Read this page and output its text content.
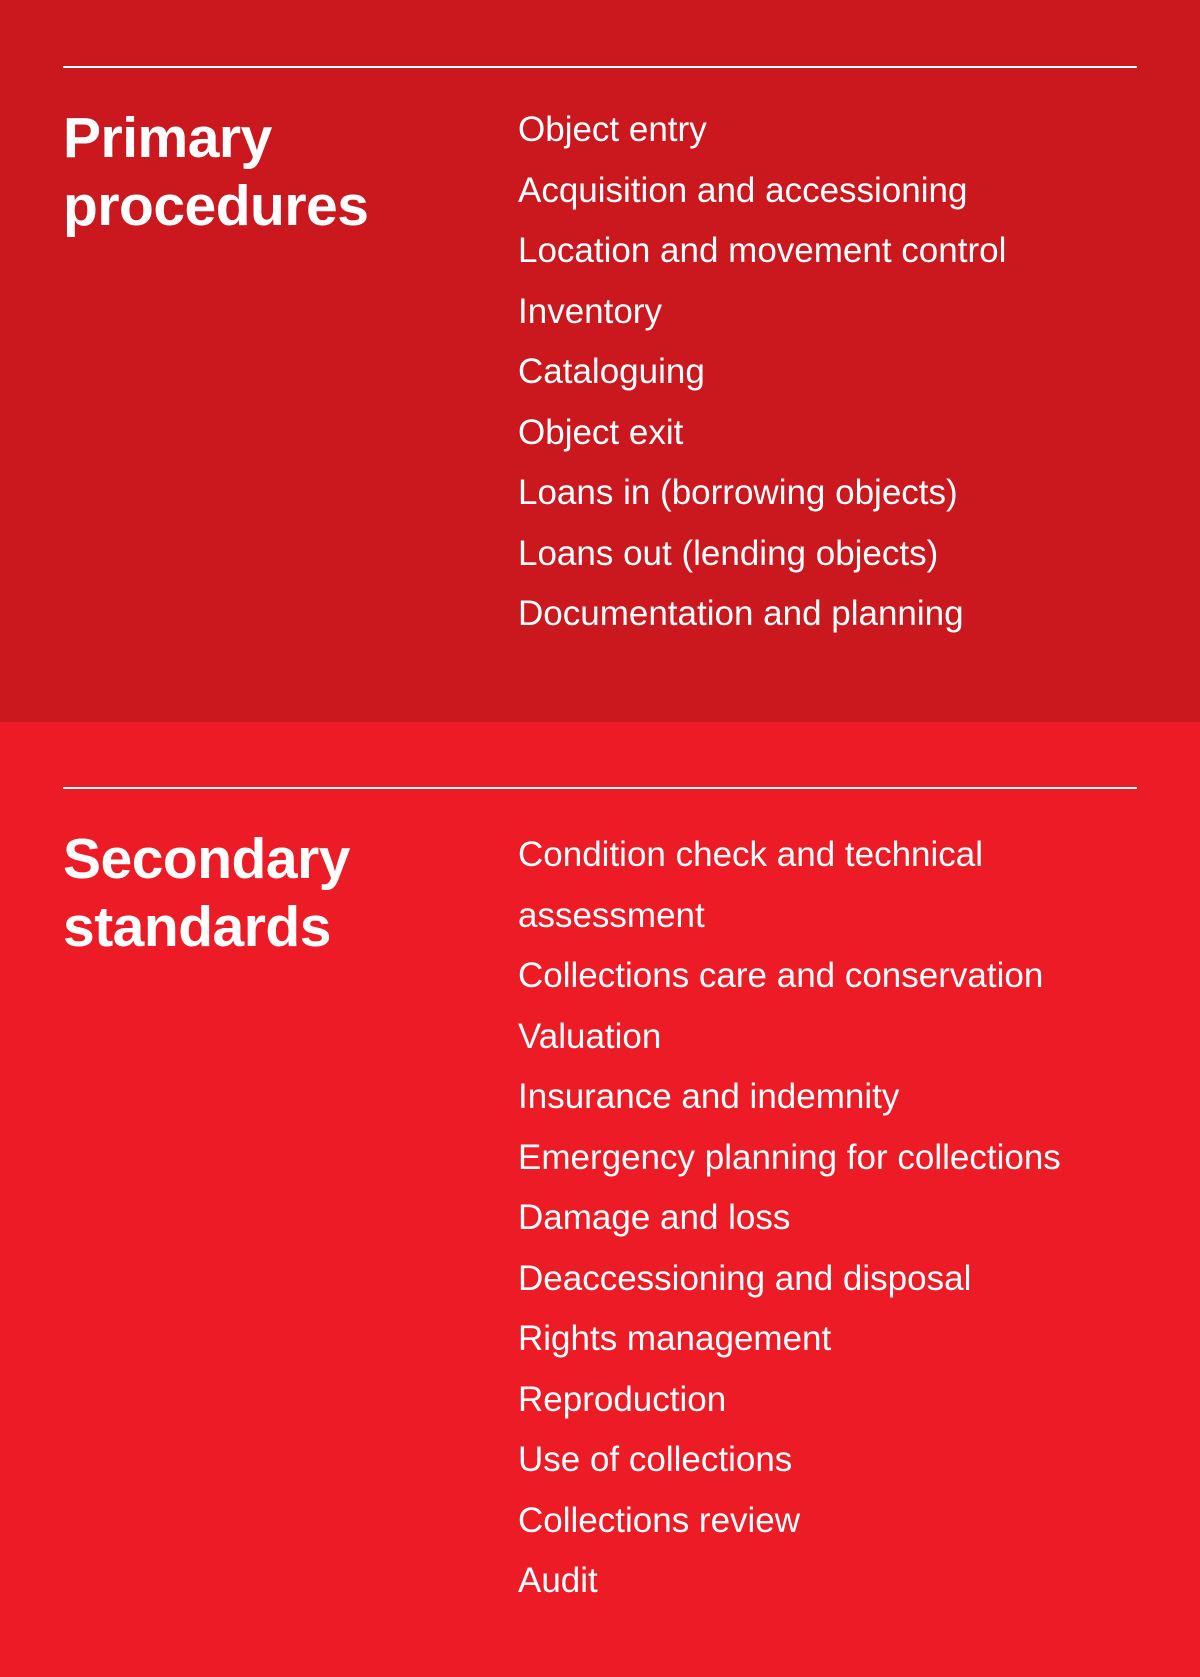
Primary
procedures
Object entry
Acquisition and accessioning
Location and movement control
Inventory
Cataloguing
Object exit
Loans in (borrowing objects)
Loans out (lending objects)
Documentation and planning
Secondary
standards
Condition check and technical
assessment
Collections care and conservation
Valuation
Insurance and indemnity
Emergency planning for collections
Damage and loss
Deaccessioning and disposal
Rights management
Reproduction
Use of collections
Collections review
Audit
